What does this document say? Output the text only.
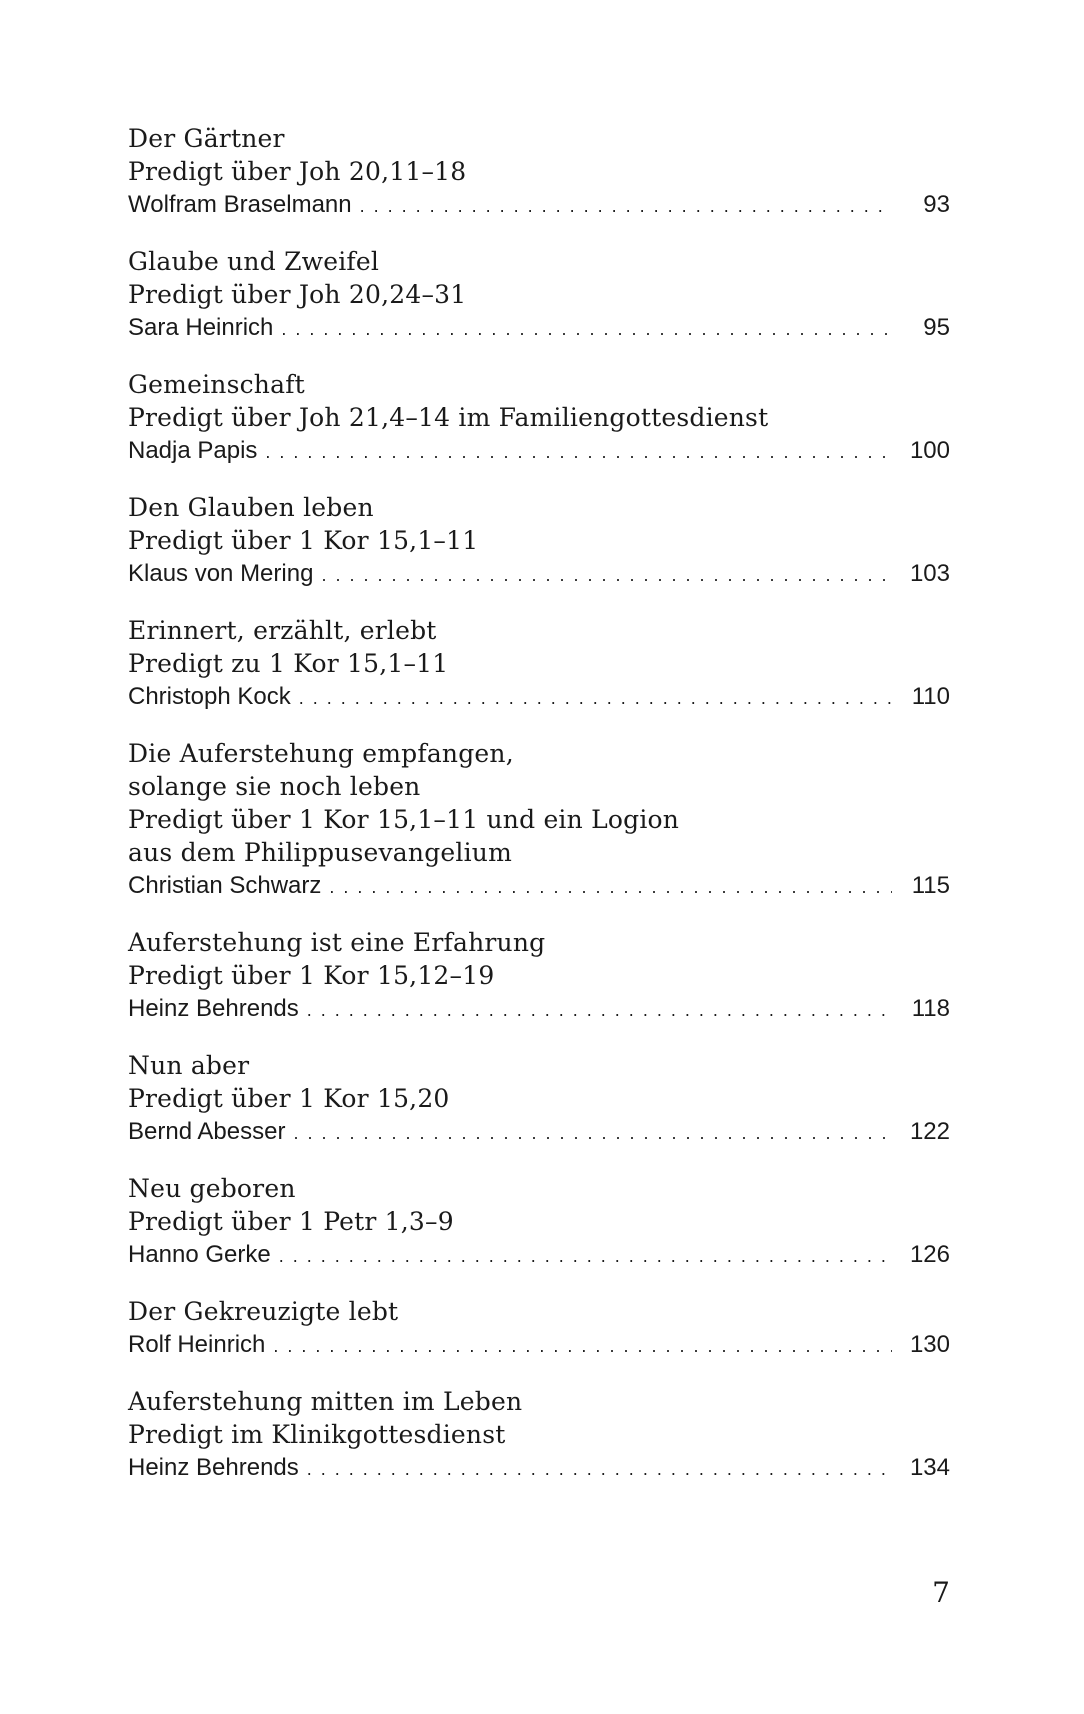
Der Gärtner
Predigt über Joh 20,11–18
Wolfram Braselmann . . .	93
Glaube und Zweifel
Predigt über Joh 20,24–31
Sara Heinrich . . .	95
Gemeinschaft
Predigt über Joh 21,4–14 im Familiengottesdienst
Nadja Papis . . .	100
Den Glauben leben
Predigt über 1 Kor 15,1–11
Klaus von Mering . . .	103
Erinnert, erzählt, erlebt
Predigt zu 1 Kor 15,1–11
Christoph Kock . . .	110
Die Auferstehung empfangen,
solange sie noch leben
Predigt über 1 Kor 15,1–11 und ein Logion
aus dem Philippusevangelium
Christian Schwarz . . .	115
Auferstehung ist eine Erfahrung
Predigt über 1 Kor 15,12–19
Heinz Behrends . . .	118
Nun aber
Predigt über 1 Kor 15,20
Bernd Abesser . . .	122
Neu geboren
Predigt über 1 Petr 1,3–9
Hanno Gerke . . .	126
Der Gekreuzigte lebt
Rolf Heinrich . . .	130
Auferstehung mitten im Leben
Predigt im Klinikgottesdienst
Heinz Behrends . . .	134
7
